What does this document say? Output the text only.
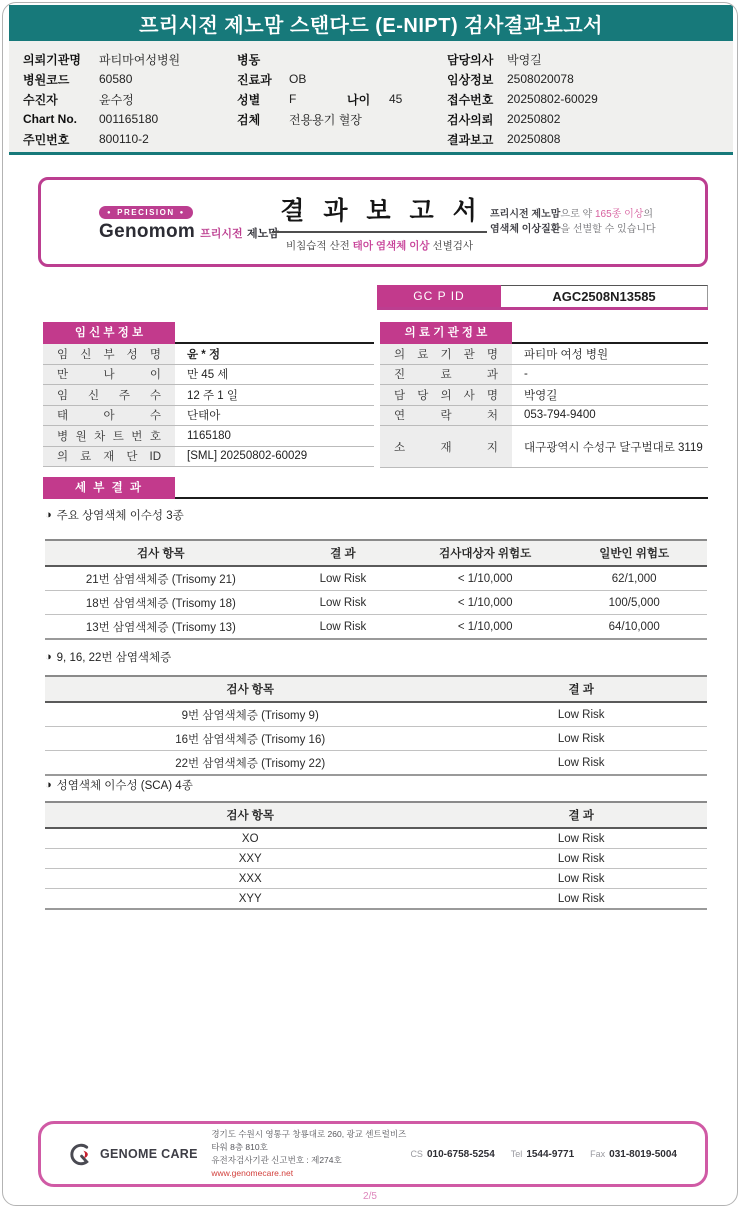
프리시전 제노맘 스탠다드 (E-NIPT) 검사결과보고서
의뢰기관명	파티마여성병원
병원코드	60580
수진자	윤수정
Chart No.	001165180
주민번호	800110-2
병동
진료과	OB
성별	F	나이	45
검체	전용용기 혈장
담당의사	박영길
임상정보	2508020078
접수번호	20250802-60029
검사의뢰	20250802
결과보고	20250808
● PRECISION ●
Genomom 프리시전 제노맘
결 과 보 고 서
비침습적 산전 태아 염색체 이상 선별검사
프리시전 제노맘으로 약 165종 이상의
염색체 이상질환을 선별할 수 있습니다
GC P ID	AGC2508N13585
임 신 부 정 보
임 신 부 성 명	윤 * 정
만 나 이	만 45 세
임 신 주 수	12 주 1 일
태 아 수	단태아
병 원 차 트 번 호	1165180
의 료 재 단 ID	[SML] 20250802-60029
의 료 기 관 정 보
의 료 기 관 명	파티마 여성 병원
진 료 과	-
담 당 의 사 명	박영길
연 락 처	053-794-9400
소 재 지	대구광역시 수성구 달구벌대로 3119
세 부 결 과
◑ 주요 상염색체 이수성 3종
검사 항목	결 과	검사대상자 위험도	일반인 위험도
21번 삼염색체증 (Trisomy 21)	Low Risk	< 1/10,000	62/1,000
18번 삼염색체증 (Trisomy 18)	Low Risk	< 1/10,000	100/5,000
13번 삼염색체증 (Trisomy 13)	Low Risk	< 1/10,000	64/10,000
◑ 9, 16, 22번 삼염색체증
검사 항목	결 과
9번 삼염색체증 (Trisomy 9)	Low Risk
16번 삼염색체증 (Trisomy 16)	Low Risk
22번 삼염색체증 (Trisomy 22)	Low Risk
◑ 성염색체 이수성 (SCA) 4종
검사 항목	결 과
XO	Low Risk
XXY	Low Risk
XXX	Low Risk
XYY	Low Risk
GENOME CARE
경기도 수원시 영통구 창룡대로 260, 광교 센트럴비즈타워 8층 810호
유전자검사기관 신고번호 : 제274호
www.genomecare.net
CS 010-6758-5254 Tel 1544-9771 Fax 031-8019-5004
2/5
